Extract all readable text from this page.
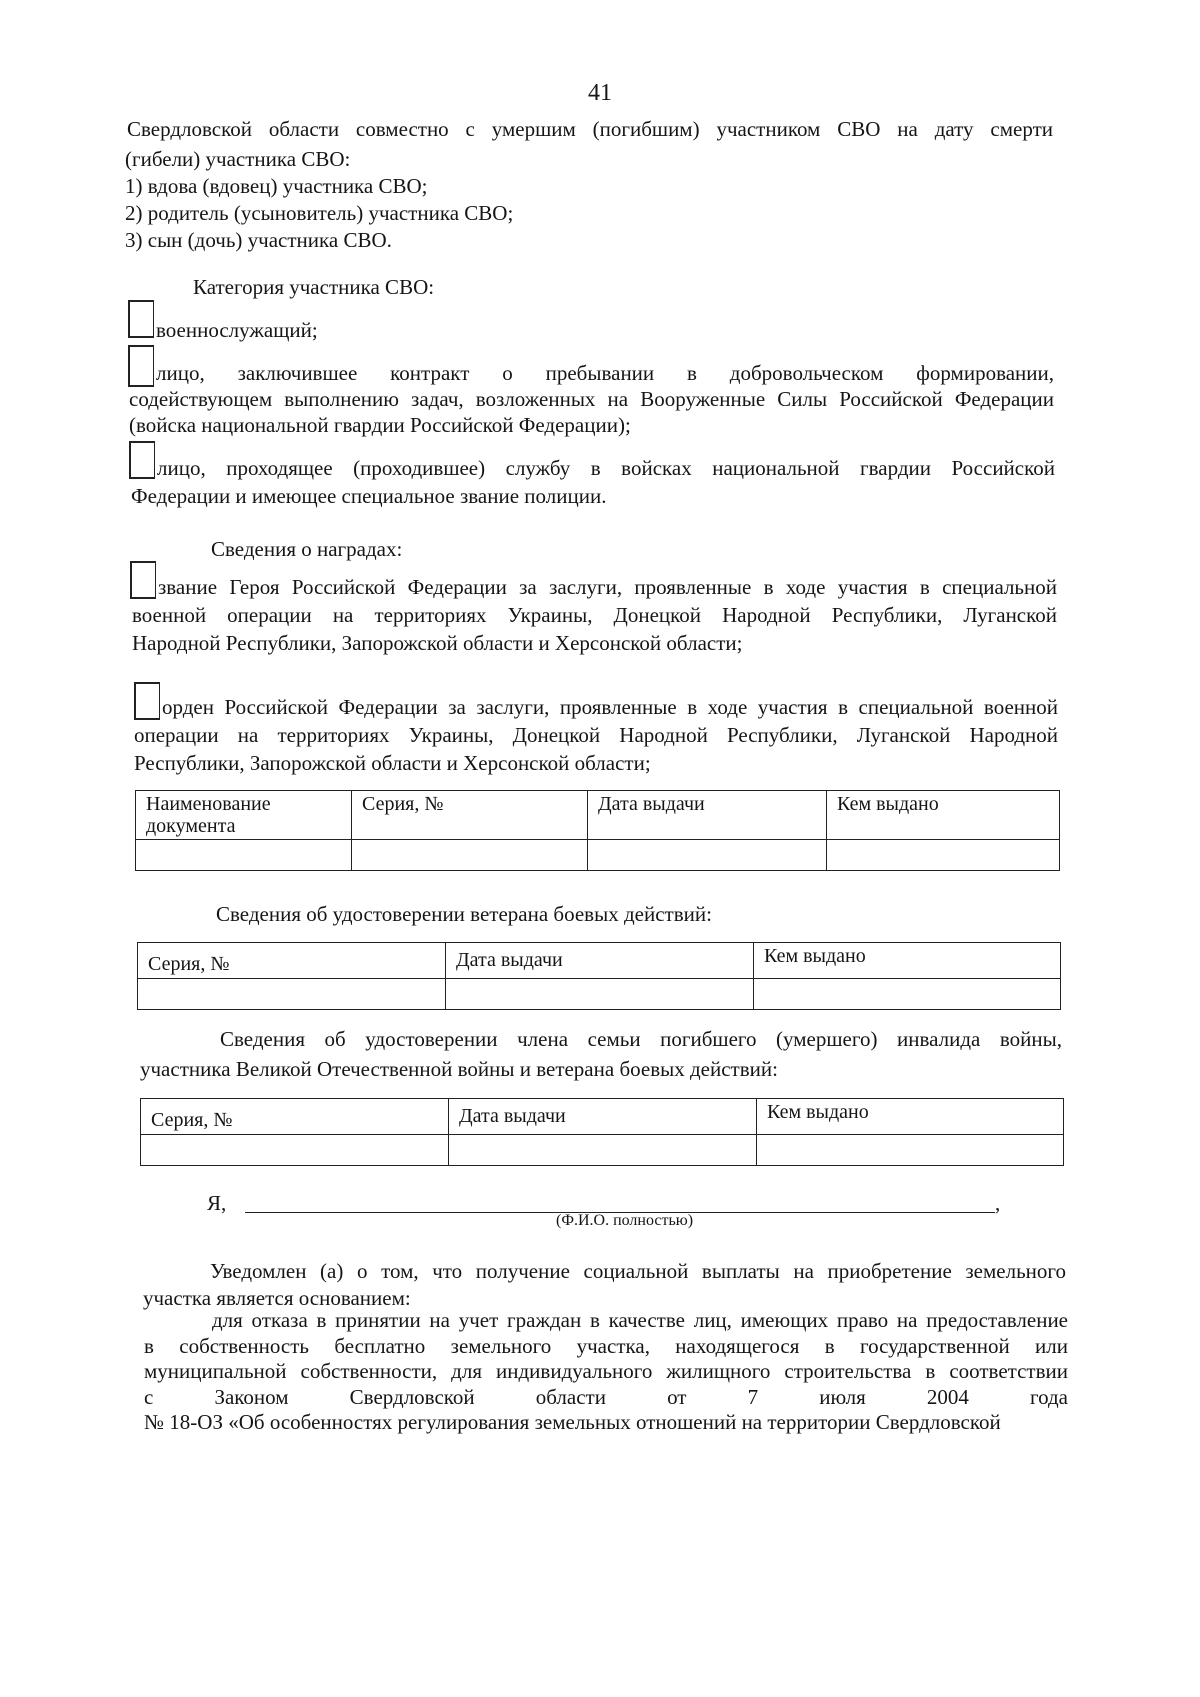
41
Свердловской области совместно с умершим (погибшим) участником СВО на дату смерти
(гибели) участника СВО:
1) вдова (вдовец) участника СВО;
2) родитель (усыновитель) участника СВО;
3) сын (дочь) участника СВО.
Категория участника СВО:
военнослужащий;
лицо, заключившее контракт о пребывании в добровольческом формировании,
содействующем выполнению задач, возложенных на Вооруженные Силы Российской Федерации
(войска национальной гвардии Российской Федерации);
лицо, проходящее (проходившее) службу в войсках национальной гвардии Российской
Федерации и имеющее специальное звание полиции.
Сведения о наградах:
звание Героя Российской Федерации за заслуги, проявленные в ходе участия в специальной
военной операции на территориях Украины, Донецкой Народной Республики, Луганской
Народной Республики, Запорожской области и Херсонской области;
орден Российской Федерации за заслуги, проявленные в ходе участия в специальной военной
операции на территориях Украины, Донецкой Народной Республики, Луганской Народной
Республики, Запорожской области и Херсонской области;
Наименование документа	Серия, №	Дата выдачи	Кем выдано

Сведения об удостоверении ветерана боевых действий:
Серия, №	Дата выдачи	Кем выдано

Сведения об удостоверении члена семьи погибшего (умершего) инвалида войны,
участника Великой Отечественной войны и ветерана боевых действий:
Серия, №	Дата выдачи	Кем выдано

Я,	,
(Ф.И.О. полностью)
Уведомлен (а) о том, что получение социальной выплаты на приобретение земельного
участка является основанием:
для отказа в принятии на учет граждан в качестве лиц, имеющих право на предоставление
в собственность бесплатно земельного участка, находящегося в государственной или
муниципальной собственности, для индивидуального жилищного строительства в соответствии
с Законом Свердловской области от 7 июля 2004 года
№ 18-ОЗ «Об особенностях регулирования земельных отношений на территории Свердловской
